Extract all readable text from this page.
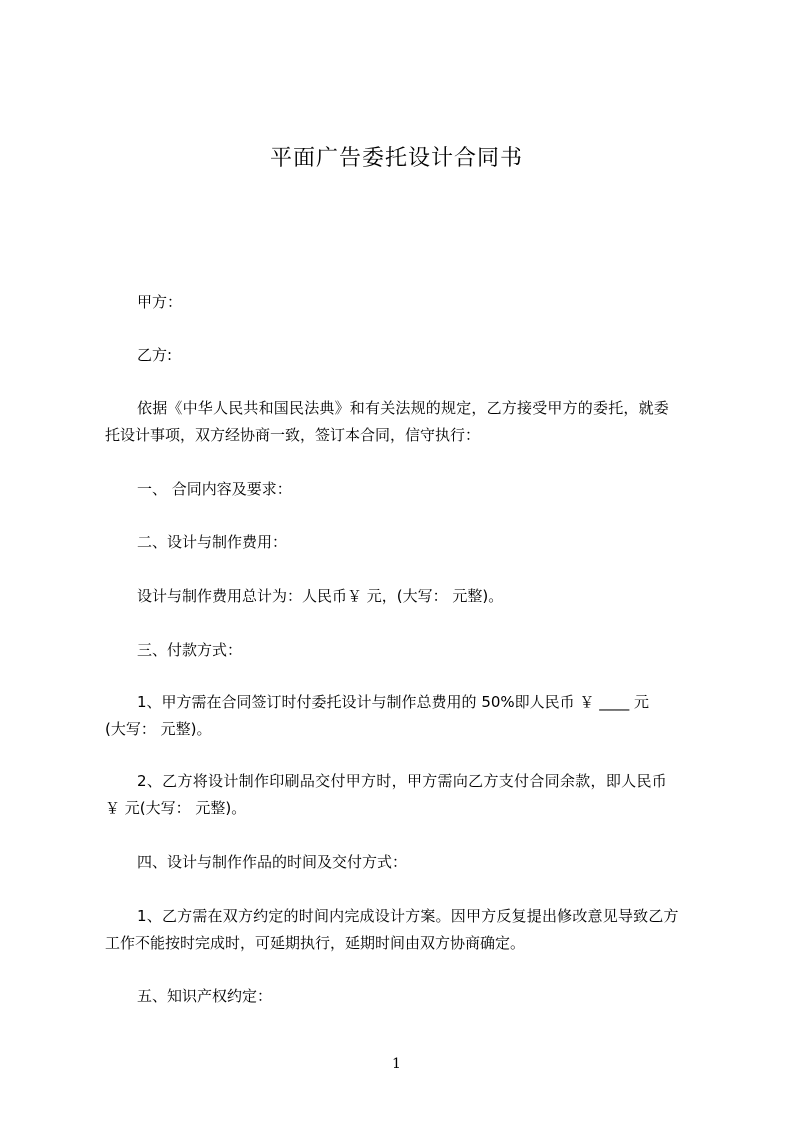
平面广告委托设计合同书
甲方：
乙方:
依据《中华人民共和国民法典》和有关法规的规定，乙方接受甲方的委托，就委
托设计事项，双方经协商一致，签订本合同，信守执行：
一、 合同内容及要求：
二、设计与制作费用：
设计与制作费用总计为：人民币￥ 元，(大写： 元整)。
三、付款方式：
1、甲方需在合同签订时付委托设计与制作总费用的 50%即人民币 ￥ ____ 元
(大写： 元整)。
2、乙方将设计制作印刷品交付甲方时，甲方需向乙方支付合同余款，即人民币
￥ 元(大写： 元整)。
四、设计与制作作品的时间及交付方式：
1、乙方需在双方约定的时间内完成设计方案。因甲方反复提出修改意见导致乙方
工作不能按时完成时，可延期执行，延期时间由双方协商确定。
五、知识产权约定：
1
